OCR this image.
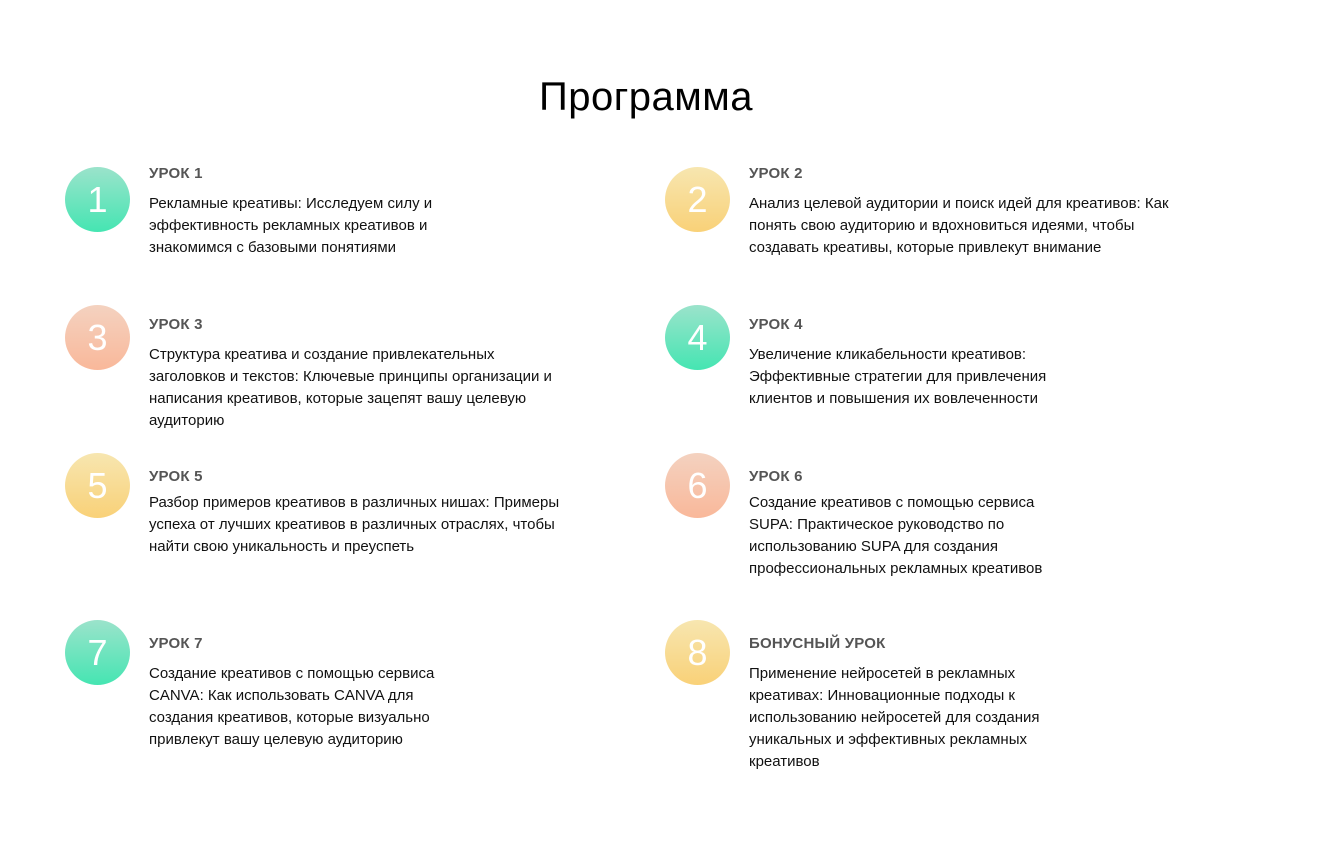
Программа
1
УРОК 1
Рекламные креативы: Исследуем силу и эффективность рекламных креативов и знакомимся с базовыми понятиями
2
УРОК 2
Анализ целевой аудитории и поиск идей для креативов: Как понять свою аудиторию и вдохновиться идеями, чтобы создавать креативы, которые привлекут внимание
3	УРОК 3
Структура креатива и создание привлекательных заголовков и текстов: Ключевые принципы организации и написания креативов, которые зацепят вашу целевую аудиторию
4	УРОК 4
Увеличение кликабельности креативов: Эффективные стратегии для привлечения клиентов и повышения их вовлеченности
5	УРОК 5
Разбор примеров креативов в различных нишах: Примеры успеха от лучших креативов в различных отраслях, чтобы найти свою уникальность и преуспеть
6	УРОК 6
Создание креативов с помощью сервиса SUPA: Практическое руководство по использованию SUPA для создания профессиональных рекламных креативов
7	УРОК 7
Создание креативов с помощью сервиса CANVA: Как использовать CANVA для создания креативов, которые визуально привлекут вашу целевую аудиторию
8	БОНУСНЫЙ УРОК
Применение нейросетей в рекламных креативах: Инновационные подходы к использованию нейросетей для создания уникальных и эффективных рекламных креативов
